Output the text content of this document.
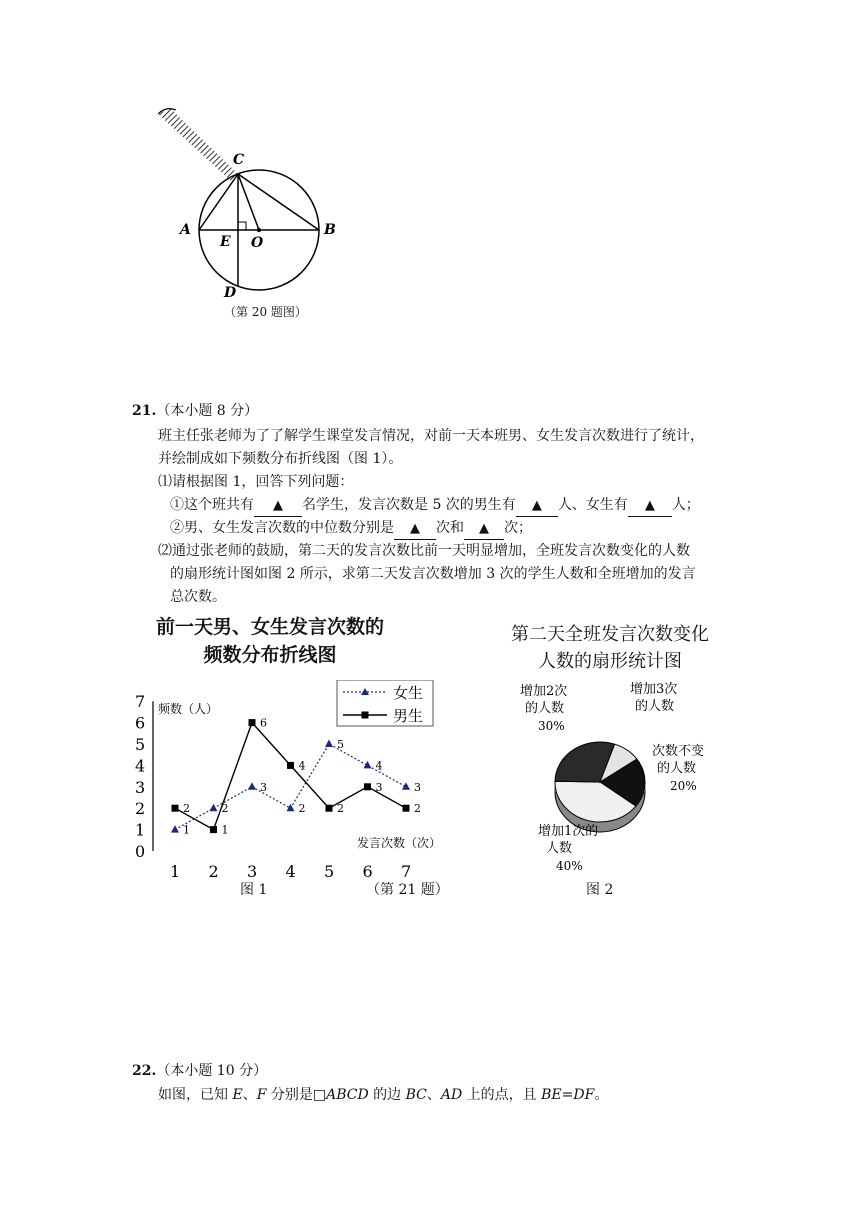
C
A	B
E O
D
（第 20 题图）
21.（本小题 8 分）
班主任张老师为了了解学生课堂发言情况，对前一天本班男、女生发言次数进行了统计，
并绘制成如下频数分布折线图（图 1）。
⑴请根据图 1，回答下列问题：
①这个班共有 ▲ 名学生，发言次数是 5 次的男生有 ▲ 人、女生有 ▲ 人；
②男、女生发言次数的中位数分别是 ▲ 次和 ▲ 次；
⑵通过张老师的鼓励，第二天的发言次数比前一天明显增加，全班发言次数变化的人数
的扇形统计图如图 2 所示，求第二天发言次数增加 3 次的学生人数和全班增加的发言
总次数。
前一天男、女生发言次数的
频数分布折线图
0
1
2
3
4
5
6
7
1 2 3 4 5 6 7
频数（人）
发言次数（次）
女生
男生
1
2
3
2
5
4
3
2
1
6
4
2
3
2
图 1	（第 21 题）
第二天全班发言次数变化
人数的扇形统计图
次数不变
的人数
20%
增加1次的
人数
40%
增加2次
的人数
30%
增加3次
的人数
图 2
22.（本小题 10 分）
如图，已知 E、F 分别是□ABCD 的边 BC、AD 上的点，且 BE=DF。
